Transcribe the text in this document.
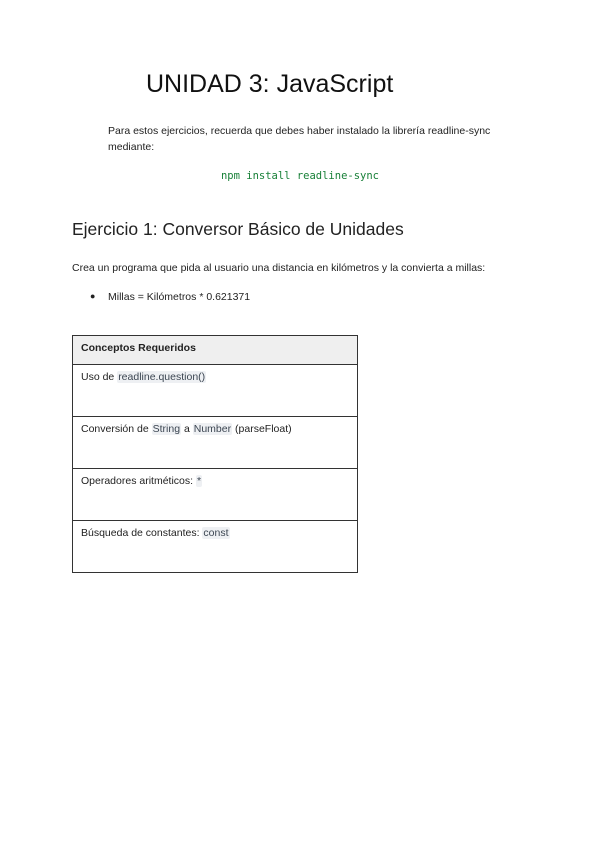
UNIDAD 3: JavaScript
Para estos ejercicios, recuerda que debes haber instalado la librería readline-sync mediante:
npm install readline-sync
Ejercicio 1: Conversor Básico de Unidades
Crea un programa que pida al usuario una distancia en kilómetros y la convierta a millas:
● Millas = Kilómetros * 0.621371
Conceptos Requeridos
Uso de readline.question()
Conversión de String a Number (parseFloat)
Operadores aritméticos: *
Búsqueda de constantes: const
